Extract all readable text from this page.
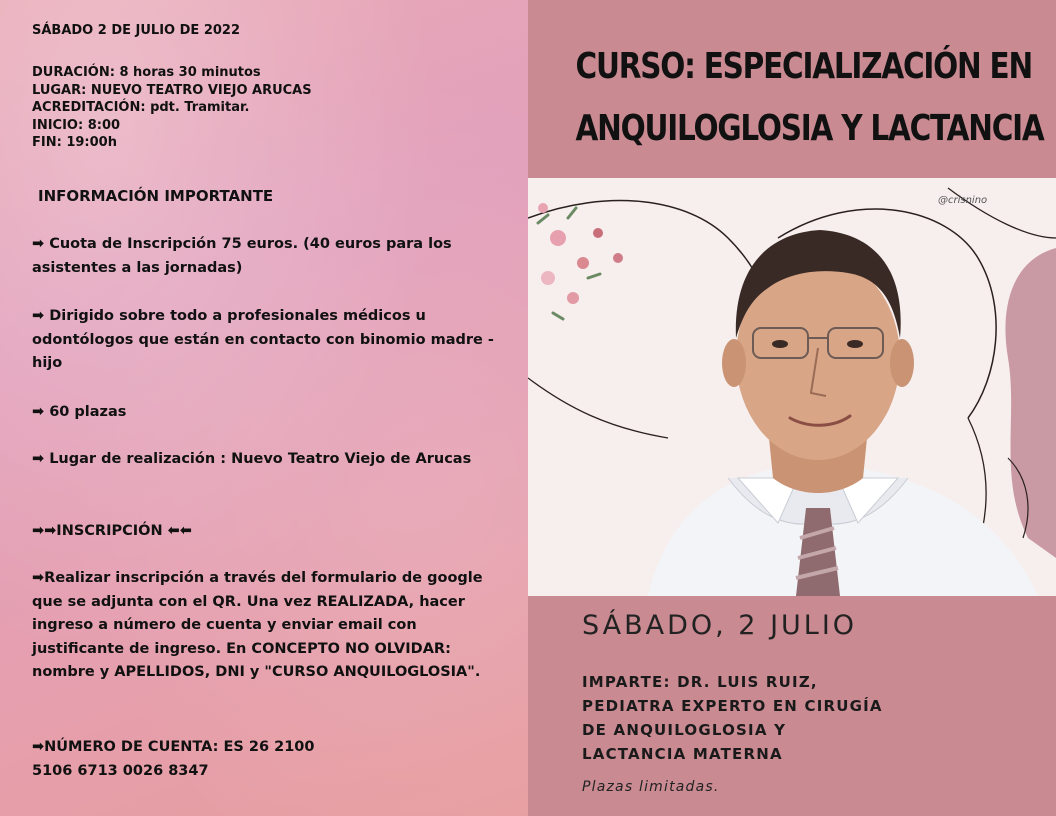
SÁBADO 2 DE JULIO DE 2022
DURACIÓN: 8 horas 30 minutos
LUGAR: NUEVO TEATRO VIEJO ARUCAS
ACREDITACIÓN: pdt. Tramitar.
INICIO: 8:00
FIN: 19:00h
INFORMACIÓN IMPORTANTE
➡ Cuota de Inscripción 75 euros. (40 euros para los asistentes a las jornadas)
➡ Dirigido sobre todo a profesionales médicos u odontólogos que están en contacto con binomio madre - hijo
➡ 60 plazas
➡ Lugar de realización : Nuevo Teatro Viejo de Arucas
➡➡INSCRIPCIÓN ⬅⬅
➡Realizar inscripción a través del formulario de google que se adjunta con el QR. Una vez REALIZADA, hacer ingreso a número de cuenta y enviar email con justificante de ingreso. En CONCEPTO NO OLVIDAR: nombre y APELLIDOS, DNI y "CURSO ANQUILOGLOSIA".
➡NÚMERO DE CUENTA: ES 26 2100 5106 6713 0026 8347
CURSO: ESPECIALIZACIÓN EN
ANQUILOGLOSIA Y LACTANCIA
@crisnino
SÁBADO, 2 JULIO
IMPARTE: DR. LUIS RUIZ,
PEDIATRA EXPERTO EN CIRUGÍA
DE ANQUILOGLOSIA Y
LACTANCIA MATERNA
Plazas limitadas.
